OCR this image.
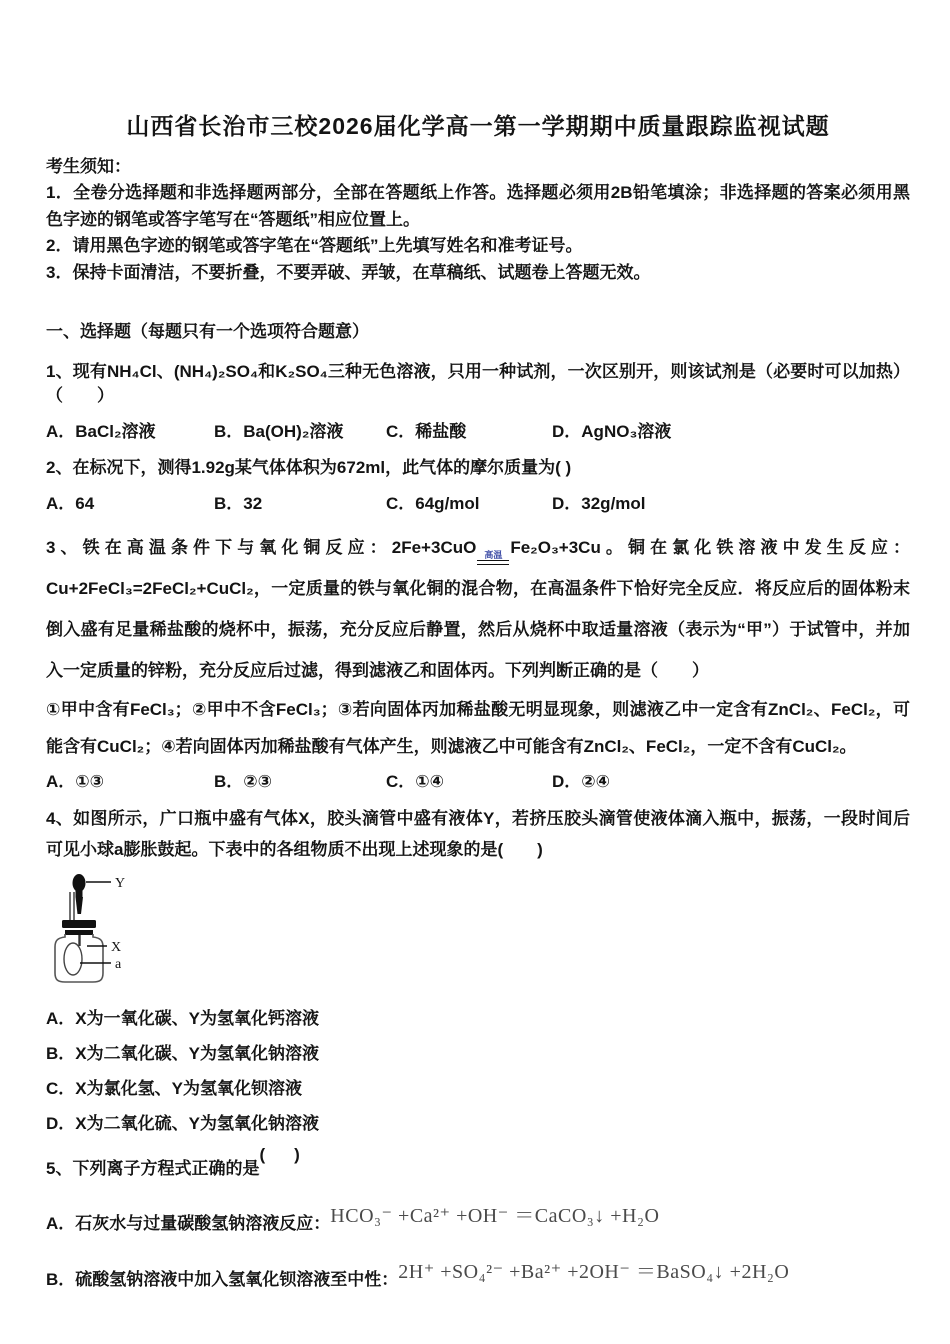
山西省长治市三校2026届化学高一第一学期期中质量跟踪监视试题
考生须知：
1．全卷分选择题和非选择题两部分，全部在答题纸上作答。选择题必须用2B铅笔填涂；非选择题的答案必须用黑色字迹的钢笔或答字笔写在“答题纸”相应位置上。
2．请用黑色字迹的钢笔或答字笔在“答题纸”上先填写姓名和准考证号。
3．保持卡面清洁，不要折叠，不要弄破、弄皱，在草稿纸、试题卷上答题无效。
一、选择题（每题只有一个选项符合题意）
1、现有NH₄Cl、(NH₄)₂SO₄和K₂SO₄三种无色溶液，只用一种试剂，一次区别开，则该试剂是（必要时可以加热）（　　）
A．BaCl₂溶液	B．Ba(OH)₂溶液	C．稀盐酸	D．AgNO₃溶液
2、在标况下，测得1.92g某气体体积为672ml，此气体的摩尔质量为( )
A．64	B．32	C．64g/mol	D．32g/mol
3、铁在高温条件下与氧化铜反应：2Fe+3CuO 高温 Fe₂O₃+3Cu。铜在氯化铁溶液中发生反应：Cu+2FeCl₃=2FeCl₂+CuCl₂，一定质量的铁与氧化铜的混合物，在高温条件下恰好完全反应．将反应后的固体粉末倒入盛有足量稀盐酸的烧杯中，振荡，充分反应后静置，然后从烧杯中取适量溶液（表示为“甲”）于试管中，并加入一定质量的锌粉，充分反应后过滤，得到滤液乙和固体丙。下列判断正确的是（　　）
①甲中含有FeCl₃；②甲中不含FeCl₃；③若向固体丙加稀盐酸无明显现象，则滤液乙中一定含有ZnCl₂、FeCl₂，可能含有CuCl₂；④若向固体丙加稀盐酸有气体产生，则滤液乙中可能含有ZnCl₂、FeCl₂，一定不含有CuCl₂。
A．①③	B．②③	C．①④	D．②④
4、如图所示，广口瓶中盛有气体X，胶头滴管中盛有液体Y，若挤压胶头滴管使液体滴入瓶中，振荡，一段时间后可见小球a膨胀鼓起。下表中的各组物质不出现上述现象的是(　　)
Y
X
a
A．X为一氧化碳、Y为氢氧化钙溶液
B．X为二氧化碳、Y为氢氧化钠溶液
C．X为氯化氢、Y为氢氧化钡溶液
D．X为二氧化硫、Y为氢氧化钠溶液
5、下列离子方程式正确的是(　)
A．石灰水与过量碳酸氢钠溶液反应：HCO₃⁻ +Ca²⁺ +OH⁻ ＝CaCO₃↓ +H₂O
B．硫酸氢钠溶液中加入氢氧化钡溶液至中性：2H⁺ +SO₄²⁻ +Ba²⁺ +2OH⁻ ＝BaSO₄↓ +2H₂O
